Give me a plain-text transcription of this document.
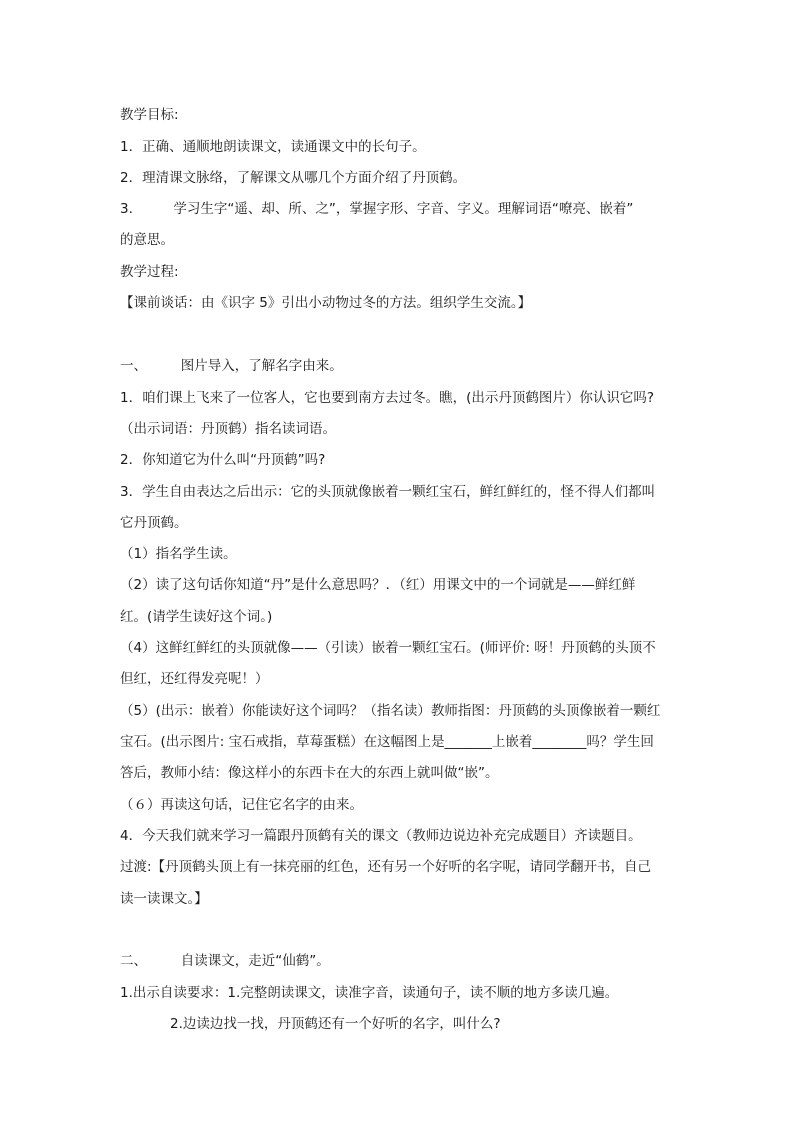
教学目标:
1．正确、通顺地朗读课文，读通课文中的长句子。
2．理清课文脉络，了解课文从哪几个方面介绍了丹顶鹤。
3.　　　学习生字“遥、却、所、之”，掌握字形、字音、字义。理解词语“嘹亮、嵌着”
的意思。
教学过程:
【课前谈话：由《识字 5》引出小动物过冬的方法。组织学生交流。】
一、　　　图片导入，了解名字由来。
1．咱们课上飞来了一位客人，它也要到南方去过冬。瞧，(出示丹顶鹤图片）你认识它吗?
（出示词语：丹顶鹤）指名读词语。
2．你知道它为什么叫“丹顶鹤”吗?
3．学生自由表达之后出示：它的头顶就像嵌着一颗红宝石，鲜红鲜红的，怪不得人们都叫
它丹顶鹤。
（1）指名学生读。
（2）读了这句话你知道“丹”是什么意思吗？．（红）用课文中的一个词就是——鲜红鲜
红。(请学生读好这个词。)
（4）这鲜红鲜红的头顶就像——（引读）嵌着一颗红宝石。(师评价: 呀！丹顶鹤的头顶不
但红，还红得发亮呢！）
（5）(出示：嵌着）你能读好这个词吗？（指名读）教师指图：丹顶鹤的头顶像嵌着一颗红
宝石。(出示图片: 宝石戒指，草莓蛋糕）在这幅图上是_______上嵌着________吗？学生回
答后，教师小结：像这样小的东西卡在大的东西上就叫做“嵌”。
（６）再读这句话，记住它名字的由来。
4．今天我们就来学习一篇跟丹顶鹤有关的课文（教师边说边补充完成题目）齐读题目。
过渡:【丹顶鹤头顶上有一抹亮丽的红色，还有另一个好听的名字呢，请同学翻开书，自己
读一读课文。】
二、　　　自读课文，走近“仙鹤”。
1.出示自读要求：1.完整朗读课文，读准字音，读通句子，读不顺的地方多读几遍。
2.边读边找一找，丹顶鹤还有一个好听的名字，叫什么?
